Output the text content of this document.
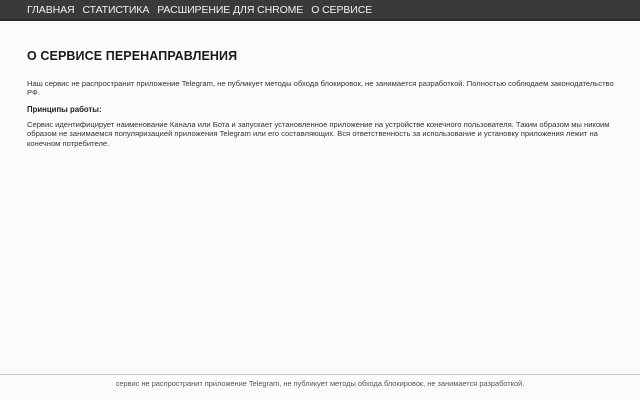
ГЛАВНАЯ СТАТИСТИКА РАСШИРЕНИЕ ДЛЯ CHROME О СЕРВИСЕ
О СЕРВИСЕ ПЕРЕНАПРАВЛЕНИЯ

Наш сервис не распространит приложение Telegram, не публикует методы обхода блокировок, не занимается разработкой. Полностью соблюдаем законодательство РФ.

Принципы работы:

Сервис идентифицирует наименование Канала или Бота и запускает установленное приложение на устройстве конечного пользователя. Таким образом мы никоим образом не занимаемся популяризацией приложения Telegram или его составляющих. Вся ответственность за использование и установку приложения лежит на конечном потребителе.

сервис не распространит приложение Telegram, не публикует методы обхода блокировок, не занимается разработкой.
